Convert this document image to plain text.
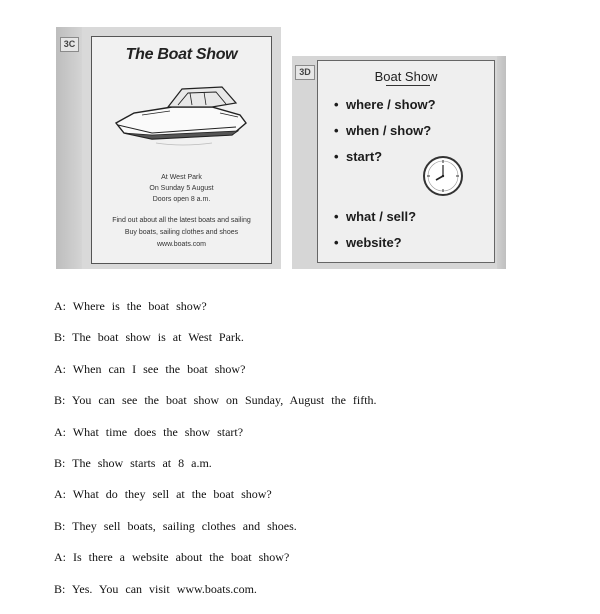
3C
The Boat Show
At West Park
On Sunday 5 August
Doors open 8 a.m.
Find out about all the latest boats and sailing
Buy boats, sailing clothes and shoes
www.boats.com
3D	Boat Show
• where / show?
• when / show?
• start?
• what / sell?
• website?
A: Where is the boat show?
B: The boat show is at West Park.
A: When can I see the boat show?
B: You can see the boat show on Sunday, August the fifth.
A: What time does the show start?
B: The show starts at 8 a.m.
A: What do they sell at the boat show?
B: They sell boats, sailing clothes and shoes.
A: Is there a website about the boat show?
B: Yes. You can visit www.boats.com.
